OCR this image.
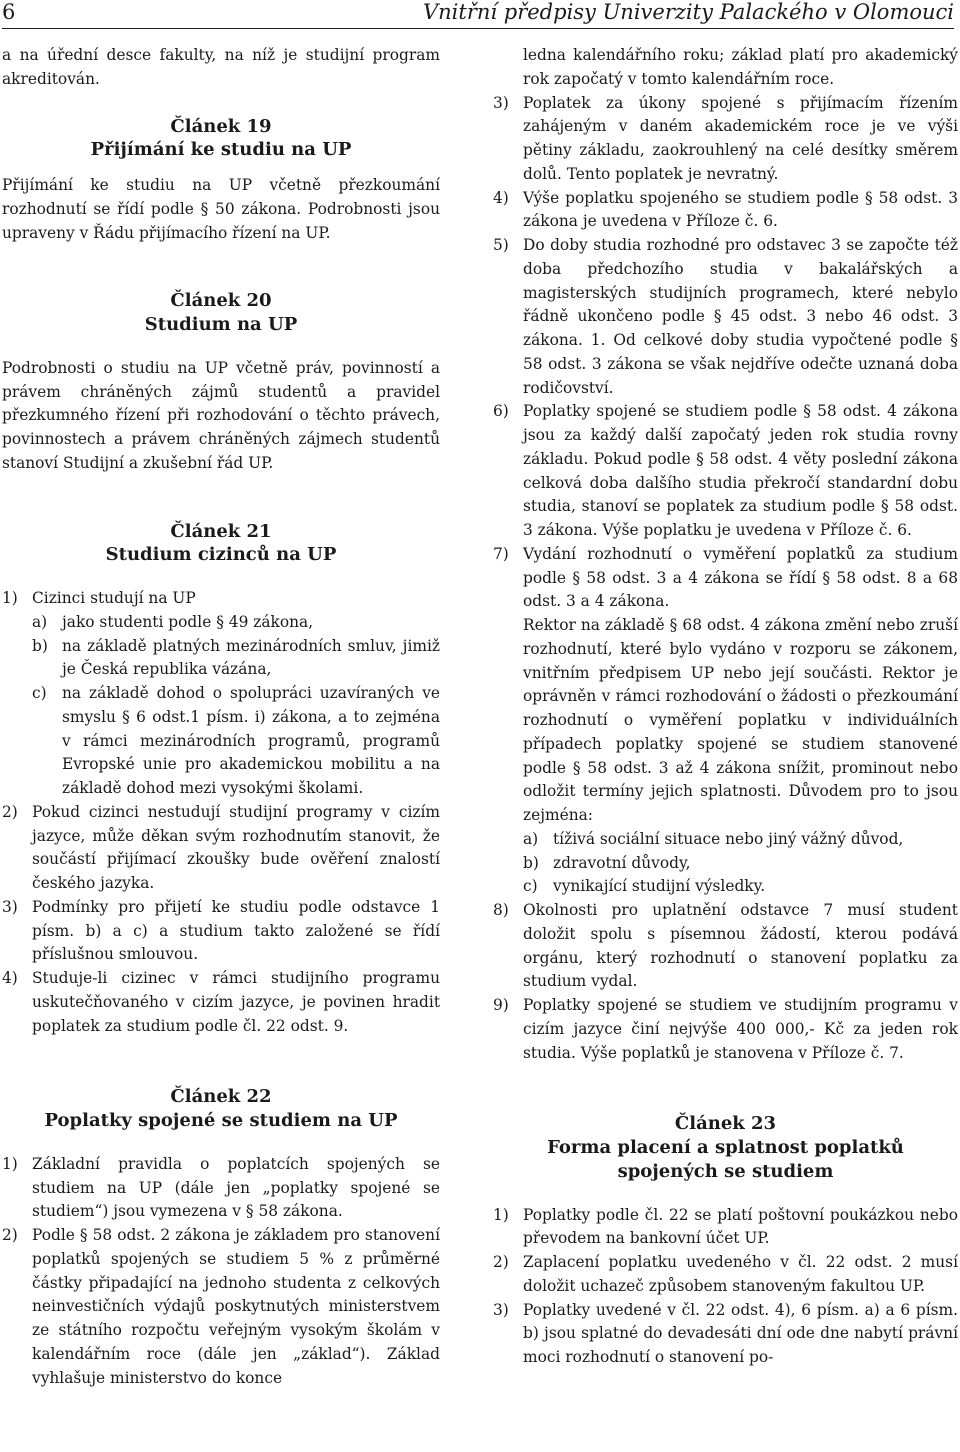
6	Vnitřní předpisy Univerzity Palackého v Olomouci

a na úřední desce fakulty, na níž je studijní program akreditován.

Článek 19
Přijímání ke studiu na UP

Přijímání ke studiu na UP včetně přezkoumání rozhodnutí se řídí podle § 50 zákona. Podrobnosti jsou upraveny v Řádu přijímacího řízení na UP.

Článek 20
Studium na UP

Podrobnosti o studiu na UP včetně práv, povinností a právem chráněných zájmů studentů a pravidel přezkumného řízení při rozhodování o těchto právech, povinnostech a právem chráněných zájmech studentů stanoví Studijní a zkušební řád UP.

Článek 21
Studium cizinců na UP
1) Cizinci studují na UP
a) jako studenti podle § 49 zákona,
b) na základě platných mezinárodních smluv, jimiž je Česká republika vázána,
c) na základě dohod o spolupráci uzavíraných ve smyslu § 6 odst.1 písm. i) zákona, a to zejména v rámci mezinárodních programů, programů Evropské unie pro akademickou mobilitu a na základě dohod mezi vysokými školami.
2) Pokud cizinci nestudují studijní programy v cizím jazyce, může děkan svým rozhodnutím stanovit, že součástí přijímací zkoušky bude ověření znalostí českého jazyka.
3) Podmínky pro přijetí ke studiu podle odstavce 1 písm. b) a c) a studium takto založené se řídí příslušnou smlouvou.
4) Studuje-li cizinec v rámci studijního programu uskutečňovaného v cizím jazyce, je povinen hradit poplatek za studium podle čl. 22 odst. 9.
Článek 22
Poplatky spojené se studiem na UP
1) Základní pravidla o poplatcích spojených se studiem na UP (dále jen „poplatky spojené se studiem“) jsou vymezena v § 58 zákona.
2) Podle § 58 odst. 2 zákona je základem pro stanovení poplatků spojených se studiem 5 % z průměrné částky připadající na jednoho studenta z celkových neinvestičních výdajů poskytnutých ministerstvem ze státního rozpočtu veřejným vysokým školám v kalendářním roce (dále jen „základ“). Základ vyhlašuje ministerstvo do konce

ledna kalendářního roku; základ platí pro akademický rok započatý v tomto kalendářním roce.

3) Poplatek za úkony spojené s přijímacím řízením zahájeným v daném akademickém roce je ve výši pětiny základu, zaokrouhlený na celé desítky směrem dolů. Tento poplatek je nevratný.
4) Výše poplatku spojeného se studiem podle § 58 odst. 3 zákona je uvedena v Příloze č. 6.
5) Do doby studia rozhodné pro odstavec 3 se započte též doba předchozího studia v bakalářských a magisterských studijních programech, které nebylo řádně ukončeno podle § 45 odst. 3 nebo 46 odst. 3 zákona. 1. Od celkové doby studia vypočtené podle § 58 odst. 3 zákona se však nejdříve odečte uznaná doba rodičovství.
6) Poplatky spojené se studiem podle § 58 odst. 4 zákona jsou za každý další započatý jeden rok studia rovny základu. Pokud podle § 58 odst. 4 věty poslední zákona celková doba dalšího studia překročí standardní dobu studia, stanoví se poplatek za studium podle § 58 odst. 3 zákona. Výše poplatku je uvedena v Příloze č. 6.
7) Vydání rozhodnutí o vyměření poplatků za studium podle § 58 odst. 3 a 4 zákona se řídí § 58 odst. 8 a 68 odst. 3 a 4 zákona.

Rektor na základě § 68 odst. 4 zákona změní nebo zruší rozhodnutí, které bylo vydáno v rozporu se zákonem, vnitřním předpisem UP nebo její součásti. Rektor je oprávněn v rámci rozhodování o žádosti o přezkoumání rozhodnutí o vyměření poplatku v individuálních případech poplatky spojené se studiem stanovené podle § 58 odst. 3 až 4 zákona snížit, prominout nebo odložit termíny jejich splatnosti. Důvodem pro to jsou zejména:

a) tíživá sociální situace nebo jiný vážný důvod,
b) zdravotní důvody,
c) vynikající studijní výsledky.
8) Okolnosti pro uplatnění odstavce 7 musí student doložit spolu s písemnou žádostí, kterou podává orgánu, který rozhodnutí o stanovení poplatku za studium vydal.
9) Poplatky spojené se studiem ve studijním programu v cizím jazyce činí nejvýše 400 000,- Kč za jeden rok studia. Výše poplatků je stanovena v Příloze č. 7.
Článek 23
Forma placení a splatnost poplatků spojených se studiem
1) Poplatky podle čl. 22 se platí poštovní poukázkou nebo převodem na bankovní účet UP.
2) Zaplacení poplatku uvedeného v čl. 22 odst. 2 musí doložit uchazeč způsobem stanoveným fakultou UP.
3) Poplatky uvedené v čl. 22 odst. 4), 6 písm. a) a 6 písm. b) jsou splatné do devadesáti dní ode dne nabytí právní moci rozhodnutí o stanovení po-
